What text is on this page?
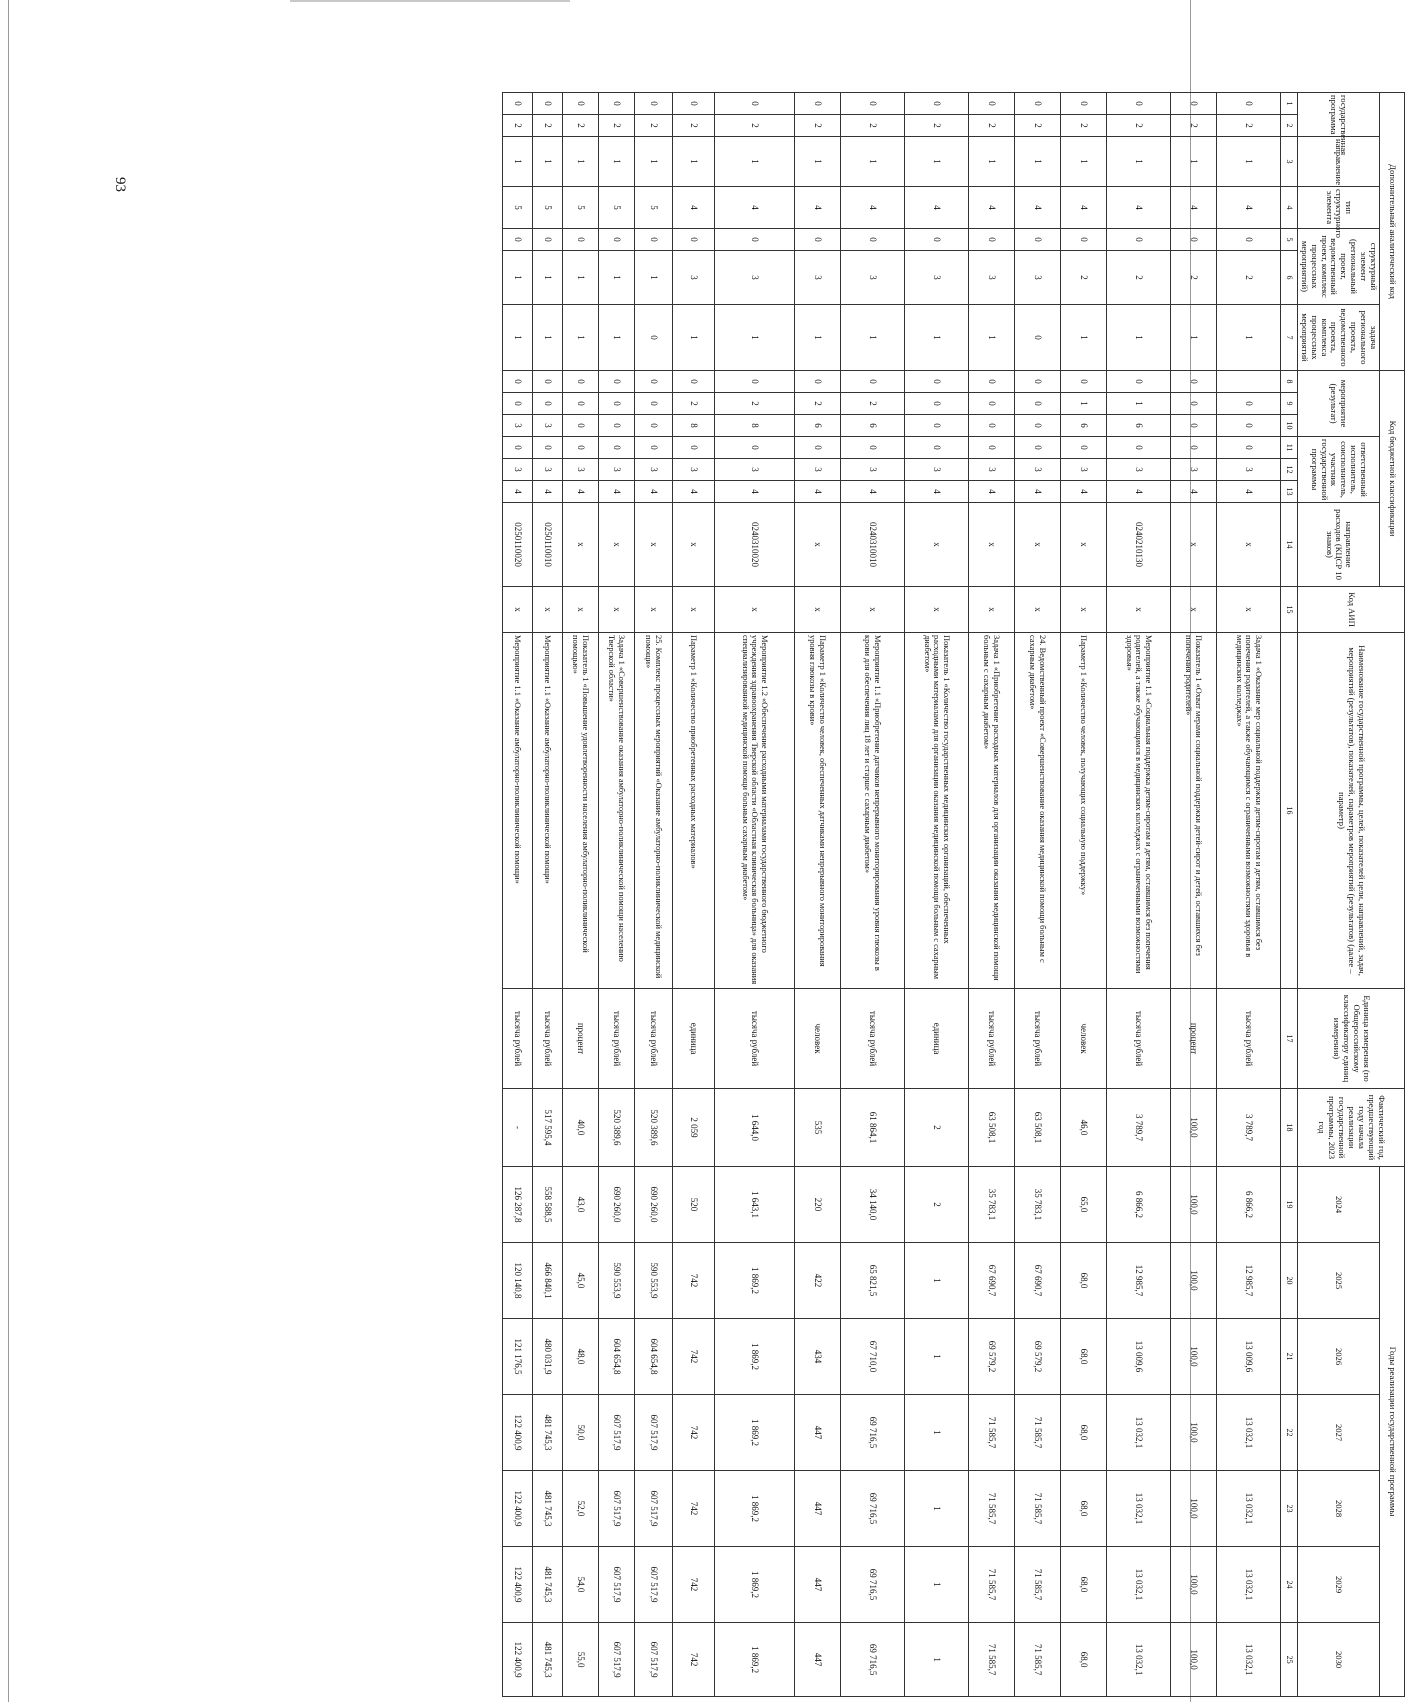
93	Дополнительный аналитический код							Код бюджетной классификации							Код АИП	Наименование государственной программы, целей, показателей цели, направлений, задач, мероприятий (результатов), показателей, параметров мероприятий (результатов) (далее – параметр)	Единица измерения (по Общероссийскому классификатору единиц измерения)	Фактический год, предшествующий году начала реализации государственной программы, 2023 год	Годы реализации государственной программы						
государственная программа		направление	тип структурного элемента	структурный элемент (региональный проект, ведомственный проект, комплекс процессных мероприятий)		задача регионального проекта, ведомственного проекта, комплекса процессных мероприятий	мероприятие (результат)			ответственный исполнитель, соисполнитель, участник государственной программы			направление расходов (КЦСР 10 знаков)					2024	2025	2026	2027	2028	2029	2030

1	2	3	4	5	6	7	8	9	10	11	12	13	14	15	16	17	18	19	20	21	22	23	24	25
0	2	1	4	0	2	1		0	0	0	3	4	x	x	Задача 1 «Оказание мер социальной поддержки детям-сиротам и детям, оставшимся без попечения родителей, а также обучающимся с ограниченными возможностями здоровья в медицинских колледжах»	тысяча рублей	3 789,7	6 866,2	12 985,7	13 009,6	13 032,1	13 032,1	13 032,1	13 032,1
0	2	1	4	0	2	1	0	0	0	0	3	4	x	x	Показатель 1 «Охват мерами социальной поддержки детей-сирот и детей, оставшихся без попечения родителей»	процент	100,0	100,0	100,0	100,0	100,0	100,0	100,0	100,0
0	2	1	4	0	2	1	0	1	6	0	3	4	0240210130	x	Мероприятие 1.1 «Социальная поддержка детям-сиротам и детям, оставшимся без попечения родителей, а также обучающимся в медицинских колледжах с ограниченными возможностями здоровья»	тысяча рублей	3 789,7	6 866,2	12 985,7	13 009,6	13 032,1	13 032,1	13 032,1	13 032,1
0	2	1	4	0	2	1	0	1	6	0	3	4	x	x	Параметр 1 «Количество человек, получающих социальную поддержку»	человек	46,0	65,0	68,0	68,0	68,0	68,0	68,0	68,0
0	2	1	4	0	3	0	0	0	0	0	3	4	x	x	24. Ведомственный проект «Совершенствование оказания медицинской помощи больным с сахарным диабетом»	тысяча рублей	63 508,1	35 783,1	67 690,7	69 579,2	71 585,7	71 585,7	71 585,7	71 585,7
0	2	1	4	0	3	1	0	0	0	0	3	4	x	x	Задача 1 «Приобретение расходных материалов для организации оказания медицинской помощи больным с сахарным диабетом»	тысяча рублей	63 508,1	35 783,1	67 690,7	69 579,2	71 585,7	71 585,7	71 585,7	71 585,7
0	2	1	4	0	3	1	0	0	0	0	3	4	x	x	Показатель 1 «Количество государственных медицинских организаций, обеспеченных расходными материалами для организации оказания медицинской помощи больным с сахарным диабетом»	единица	2	2	1	1	1	1	1	1
0	2	1	4	0	3	1	0	2	6	0	3	4	0240310010	x	Мероприятие 1.1 «Приобретение датчиков непрерывного мониторирования уровня глюкозы в крови для обеспечения лиц 18 лет и старше с сахарным диабетом»	тысяча рублей	61 864,1	34 140,0	65 821,5	67 710,0	69 716,5	69 716,5	69 716,5	69 716,5
0	2	1	4	0	3	1	0	2	6	0	3	4	x	x	Параметр 1 «Количество человек, обеспеченных датчиками непрерывного мониторирования уровня глюкозы в крови»	человек	535	220	422	434	447	447	447	447
0	2	1	4	0	3	1	0	2	8	0	3	4	0240310020	x	Мероприятие 1.2 «Обеспечение расходными материалами государственного бюджетного учреждения здравоохранения Тверской области «Областная клиническая больница» для оказания специализированной медицинской помощи больным сахарным диабетом»	тысяча рублей	1 644,0	1 643,1	1 869,2	1 869,2	1 869,2	1 869,2	1 869,2	1 869,2
0	2	1	4	0	3	1	0	2	8	0	3	4	x	x	Параметр 1 «Количество приобретенных расходных материалов»	единица	2 059	520	742	742	742	742	742	742
0	2	1	5	0	1	0	0	0	0	0	3	4	x	x	25. Комплекс процессных мероприятий «Оказание амбулаторно-поликлинической медицинской помощи»	тысяча рублей	520 389,6	690 260,0	590 553,9	604 654,8	607 517,9	607 517,9	607 517,9	607 517,9
0	2	1	5	0	1	1	0	0	0	0	3	4	x	x	Задача 1 «Совершенствование оказания амбулаторно-поликлинической помощи населению Тверской области»	тысяча рублей	520 389,6	690 260,0	590 553,9	604 654,8	607 517,9	607 517,9	607 517,9	607 517,9
0	2	1	5	0	1	1	0	0	0	0	3	4	x	x	Показатель 1 «Повышение удовлетворенности населения амбулаторно-поликлинической помощью»	процент	40,0	43,0	45,0	48,0	50,0	52,0	54,0	55,0
0	2	1	5	0	1	1	0	0	3	0	3	4	0250110010	x	Мероприятие 1.1 «Оказание амбулаторно-поликлинической помощи»	тысяча рублей	517 595,4	558 588,5	466 840,1	480 031,9	481 745,3	481 745,3	481 745,3	481 745,3
0	2	1	5	0	1	1	0	0	3	0	3	4	0250110020	x	Мероприятие 1.1 «Оказание амбулаторно-поликлинической помощи»	тысяча рублей	-	126 287,8	120 140,8	121 176,5	122 400,9	122 400,9	122 400,9	122 400,9
